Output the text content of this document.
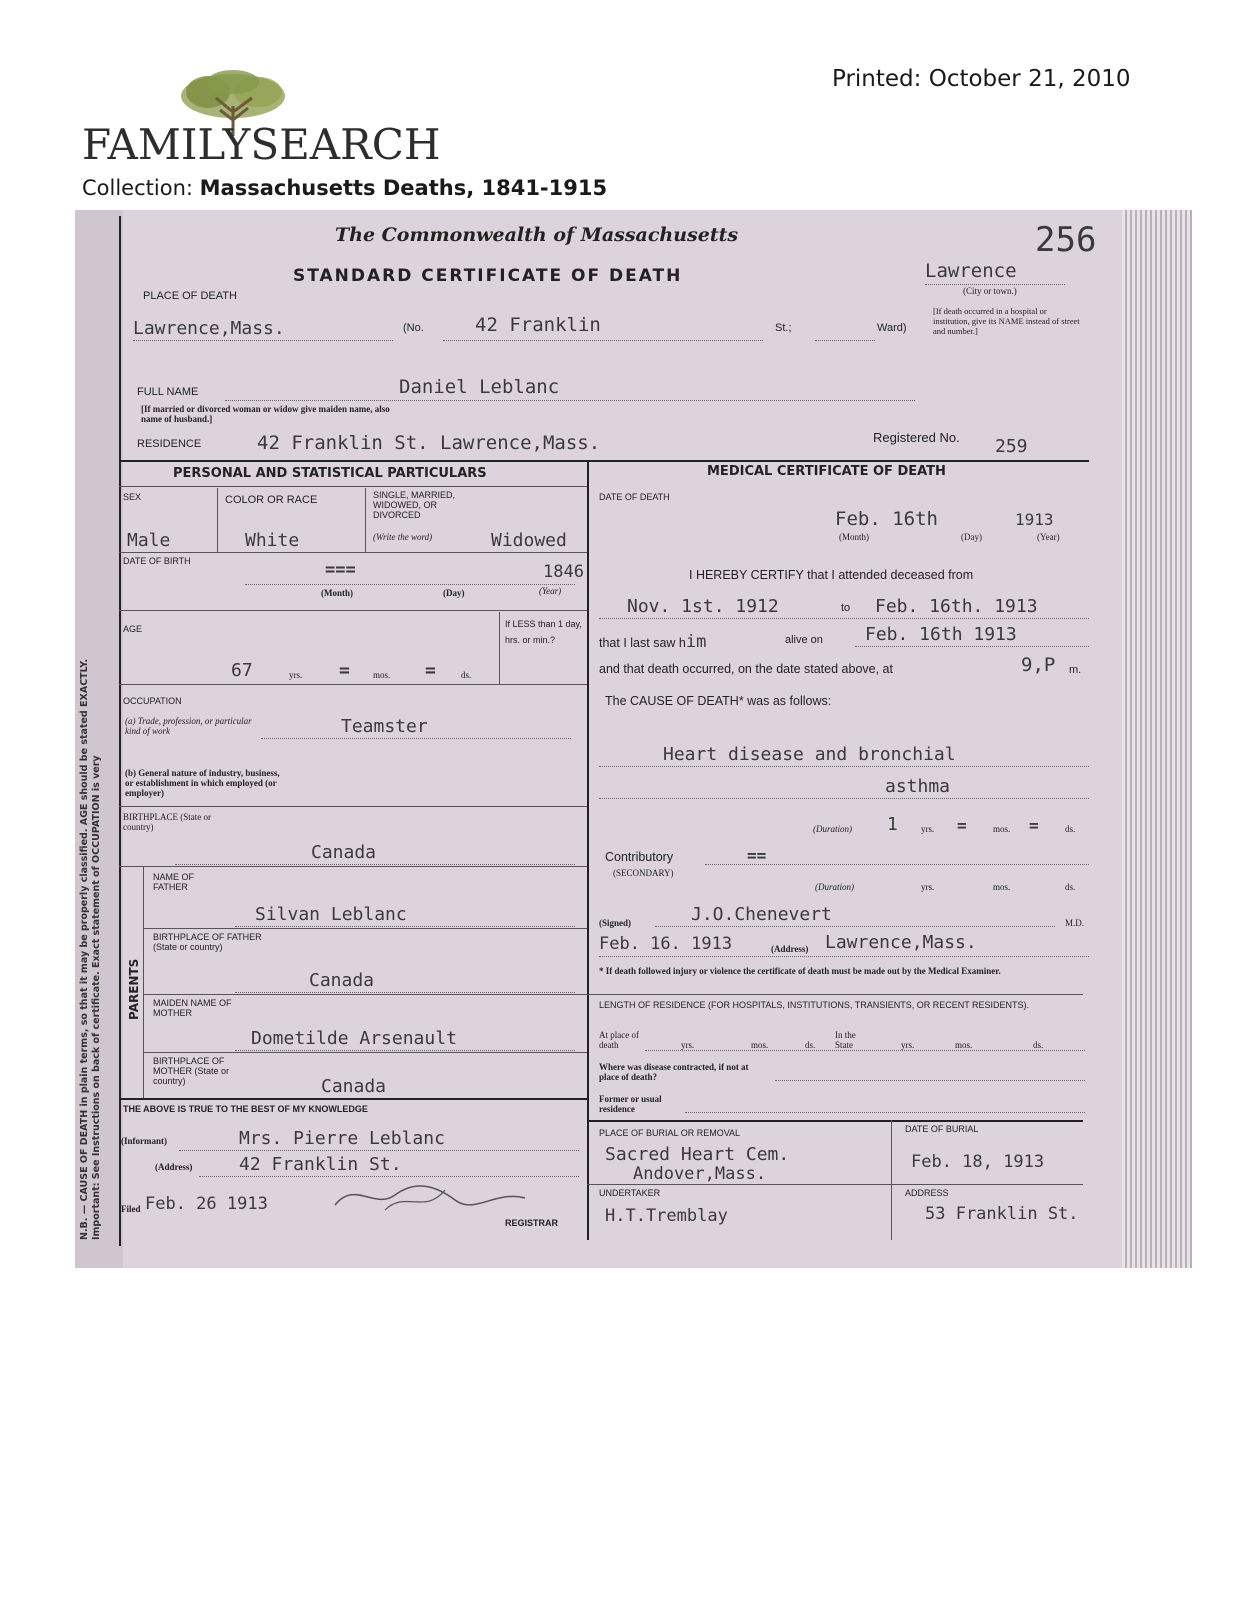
Printed: October 21, 2010
FAMILYSEARCH
Collection: Massachusetts Deaths, 1841-1915
N.B. — CAUSE OF DEATH in plain terms, so that it may be properly classified. AGE should be stated EXACTLY. Important: See Instructions on back of certificate. Exact statement of OCCUPATION is very
The Commonwealth of Massachusetts
STANDARD CERTIFICATE OF DEATH
256
Lawrence
(City or town.)
PLACE OF DEATH
Lawrence,Mass.	(No.	42 Franklin	St.;	Ward)
[If death occurred in a hospital or institution, give its NAME instead of street and number.]
FULL NAME	Daniel Leblanc
[If married or divorced woman or widow give maiden name, also name of husband.]
RESIDENCE	42 Franklin St. Lawrence,Mass.	Registered No. 259
PERSONAL AND STATISTICAL PARTICULARS	MEDICAL CERTIFICATE OF DEATH
SEX	COLOR OR RACE	SINGLE, MARRIED, WIDOWED, OR DIVORCED
(Write the word)
Male	White	Widowed
DATE OF BIRTH	===	1846
(Month)	(Day)	(Year)
AGE
67	yrs. =	mos. =	ds.
If LESS than 1 day, hrs. or min.?
OCCUPATION
(a) Trade, profession, or particular kind of work	Teamster
(b) General nature of industry, business, or establishment in which employed (or employer)
BIRTHPLACE (State or country)
Canada
PARENTS
NAME OF FATHER
Silvan Leblanc
BIRTHPLACE OF FATHER (State or country)
Canada
MAIDEN NAME OF MOTHER
Dometilde Arsenault
BIRTHPLACE OF MOTHER (State or country)	Canada
THE ABOVE IS TRUE TO THE BEST OF MY KNOWLEDGE
(Informant)	Mrs. Pierre Leblanc
(Address)	42 Franklin St.
Filed Feb. 26 1913
REGISTRAR
DATE OF DEATH
Feb. 16th	1913
(Month)	(Day)	(Year)
I HEREBY CERTIFY that I attended deceased from
Nov. 1st. 1912	to Feb. 16th. 1913
that I last saw him	alive on Feb. 16th 1913
and that death occurred, on the date stated above, at	9,P m.
The CAUSE OF DEATH* was as follows:
Heart disease and bronchial
asthma
(Duration) 1	yrs. =	mos. =	ds.
Contributory
(SECONDARY)
==
(Duration)	yrs.	mos.	ds.
(Signed)	J.O.Chenevert	M.D.
Feb. 16. 1913	(Address) Lawrence,Mass.
* If death followed injury or violence the certificate of death must be made out by the Medical Examiner.
LENGTH OF RESIDENCE (FOR HOSPITALS, INSTITUTIONS, TRANSIENTS, OR RECENT RESIDENTS).
At place of death	yrs.	mos.	ds.
In the State	yrs.	mos.	ds.
Where was disease contracted, if not at place of death?
Former or usual residence
PLACE OF BURIAL OR REMOVAL	DATE OF BURIAL
Sacred Heart Cem.
Andover,Mass.
Feb. 18, 1913
UNDERTAKER
H.T.Tremblay
ADDRESS
53 Franklin St.
